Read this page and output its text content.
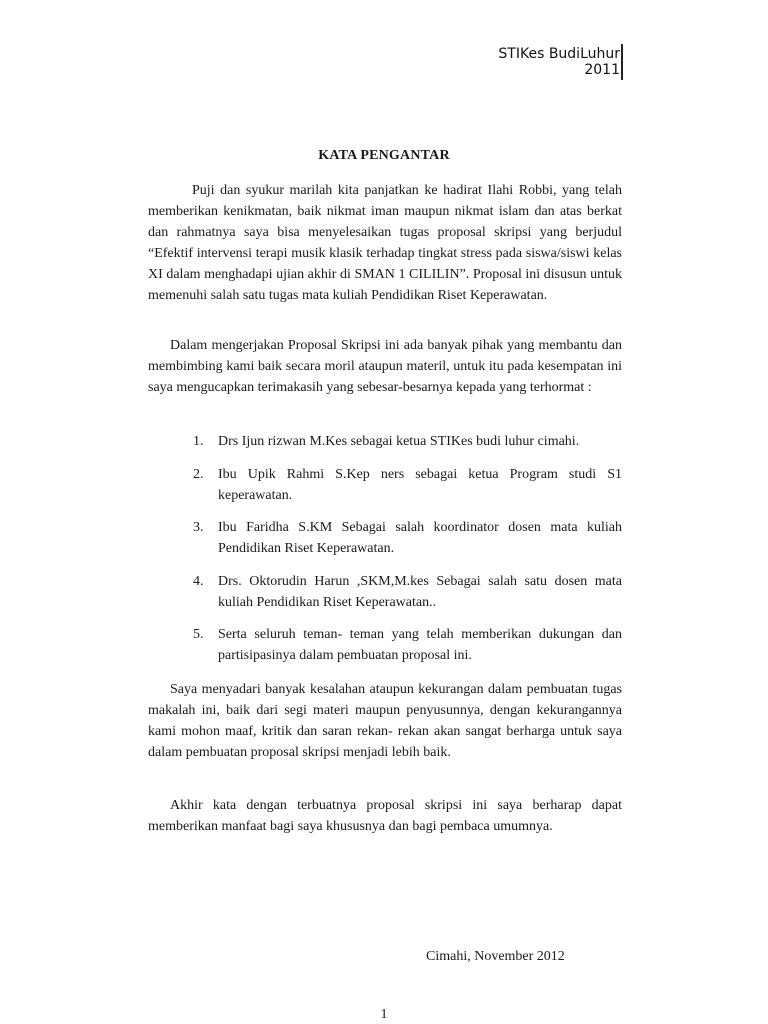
STIKes BudiLuhur
2011
KATA PENGANTAR
Puji dan syukur marilah kita panjatkan ke hadirat Ilahi Robbi, yang telah memberikan kenikmatan, baik nikmat iman maupun nikmat islam dan atas berkat dan rahmatnya saya bisa menyelesaikan tugas proposal skripsi yang berjudul “Efektif intervensi terapi musik klasik terhadap tingkat stress pada siswa/siswi kelas XI dalam menghadapi ujian akhir di SMAN 1 CILILIN”. Proposal ini disusun untuk memenuhi salah satu tugas mata kuliah Pendidikan Riset Keperawatan.
Dalam mengerjakan Proposal Skripsi ini ada banyak pihak yang membantu dan membimbing kami baik secara moril ataupun materil, untuk itu pada kesempatan ini saya mengucapkan terimakasih yang sebesar-besarnya kepada yang terhormat :
1. Drs Ijun rizwan M.Kes sebagai ketua STIKes budi luhur cimahi.
2. Ibu Upik Rahmi S.Kep ners sebagai ketua Program studi S1 keperawatan.
3. Ibu Faridha S.KM Sebagai salah koordinator dosen mata kuliah Pendidikan Riset Keperawatan.
4. Drs. Oktorudin Harun ,SKM,M.kes Sebagai salah satu dosen mata kuliah Pendidikan Riset Keperawatan..
5. Serta seluruh teman- teman yang telah memberikan dukungan dan partisipasinya dalam pembuatan proposal ini.
Saya menyadari banyak kesalahan ataupun kekurangan dalam pembuatan tugas makalah ini, baik dari segi materi maupun penyusunnya, dengan kekurangannya kami mohon maaf, kritik dan saran rekan- rekan akan sangat berharga untuk saya dalam pembuatan proposal skripsi menjadi lebih baik.
Akhir kata dengan terbuatnya proposal skripsi ini saya berharap dapat memberikan manfaat bagi saya khususnya dan bagi pembaca umumnya.
Cimahi, November 2012
1
